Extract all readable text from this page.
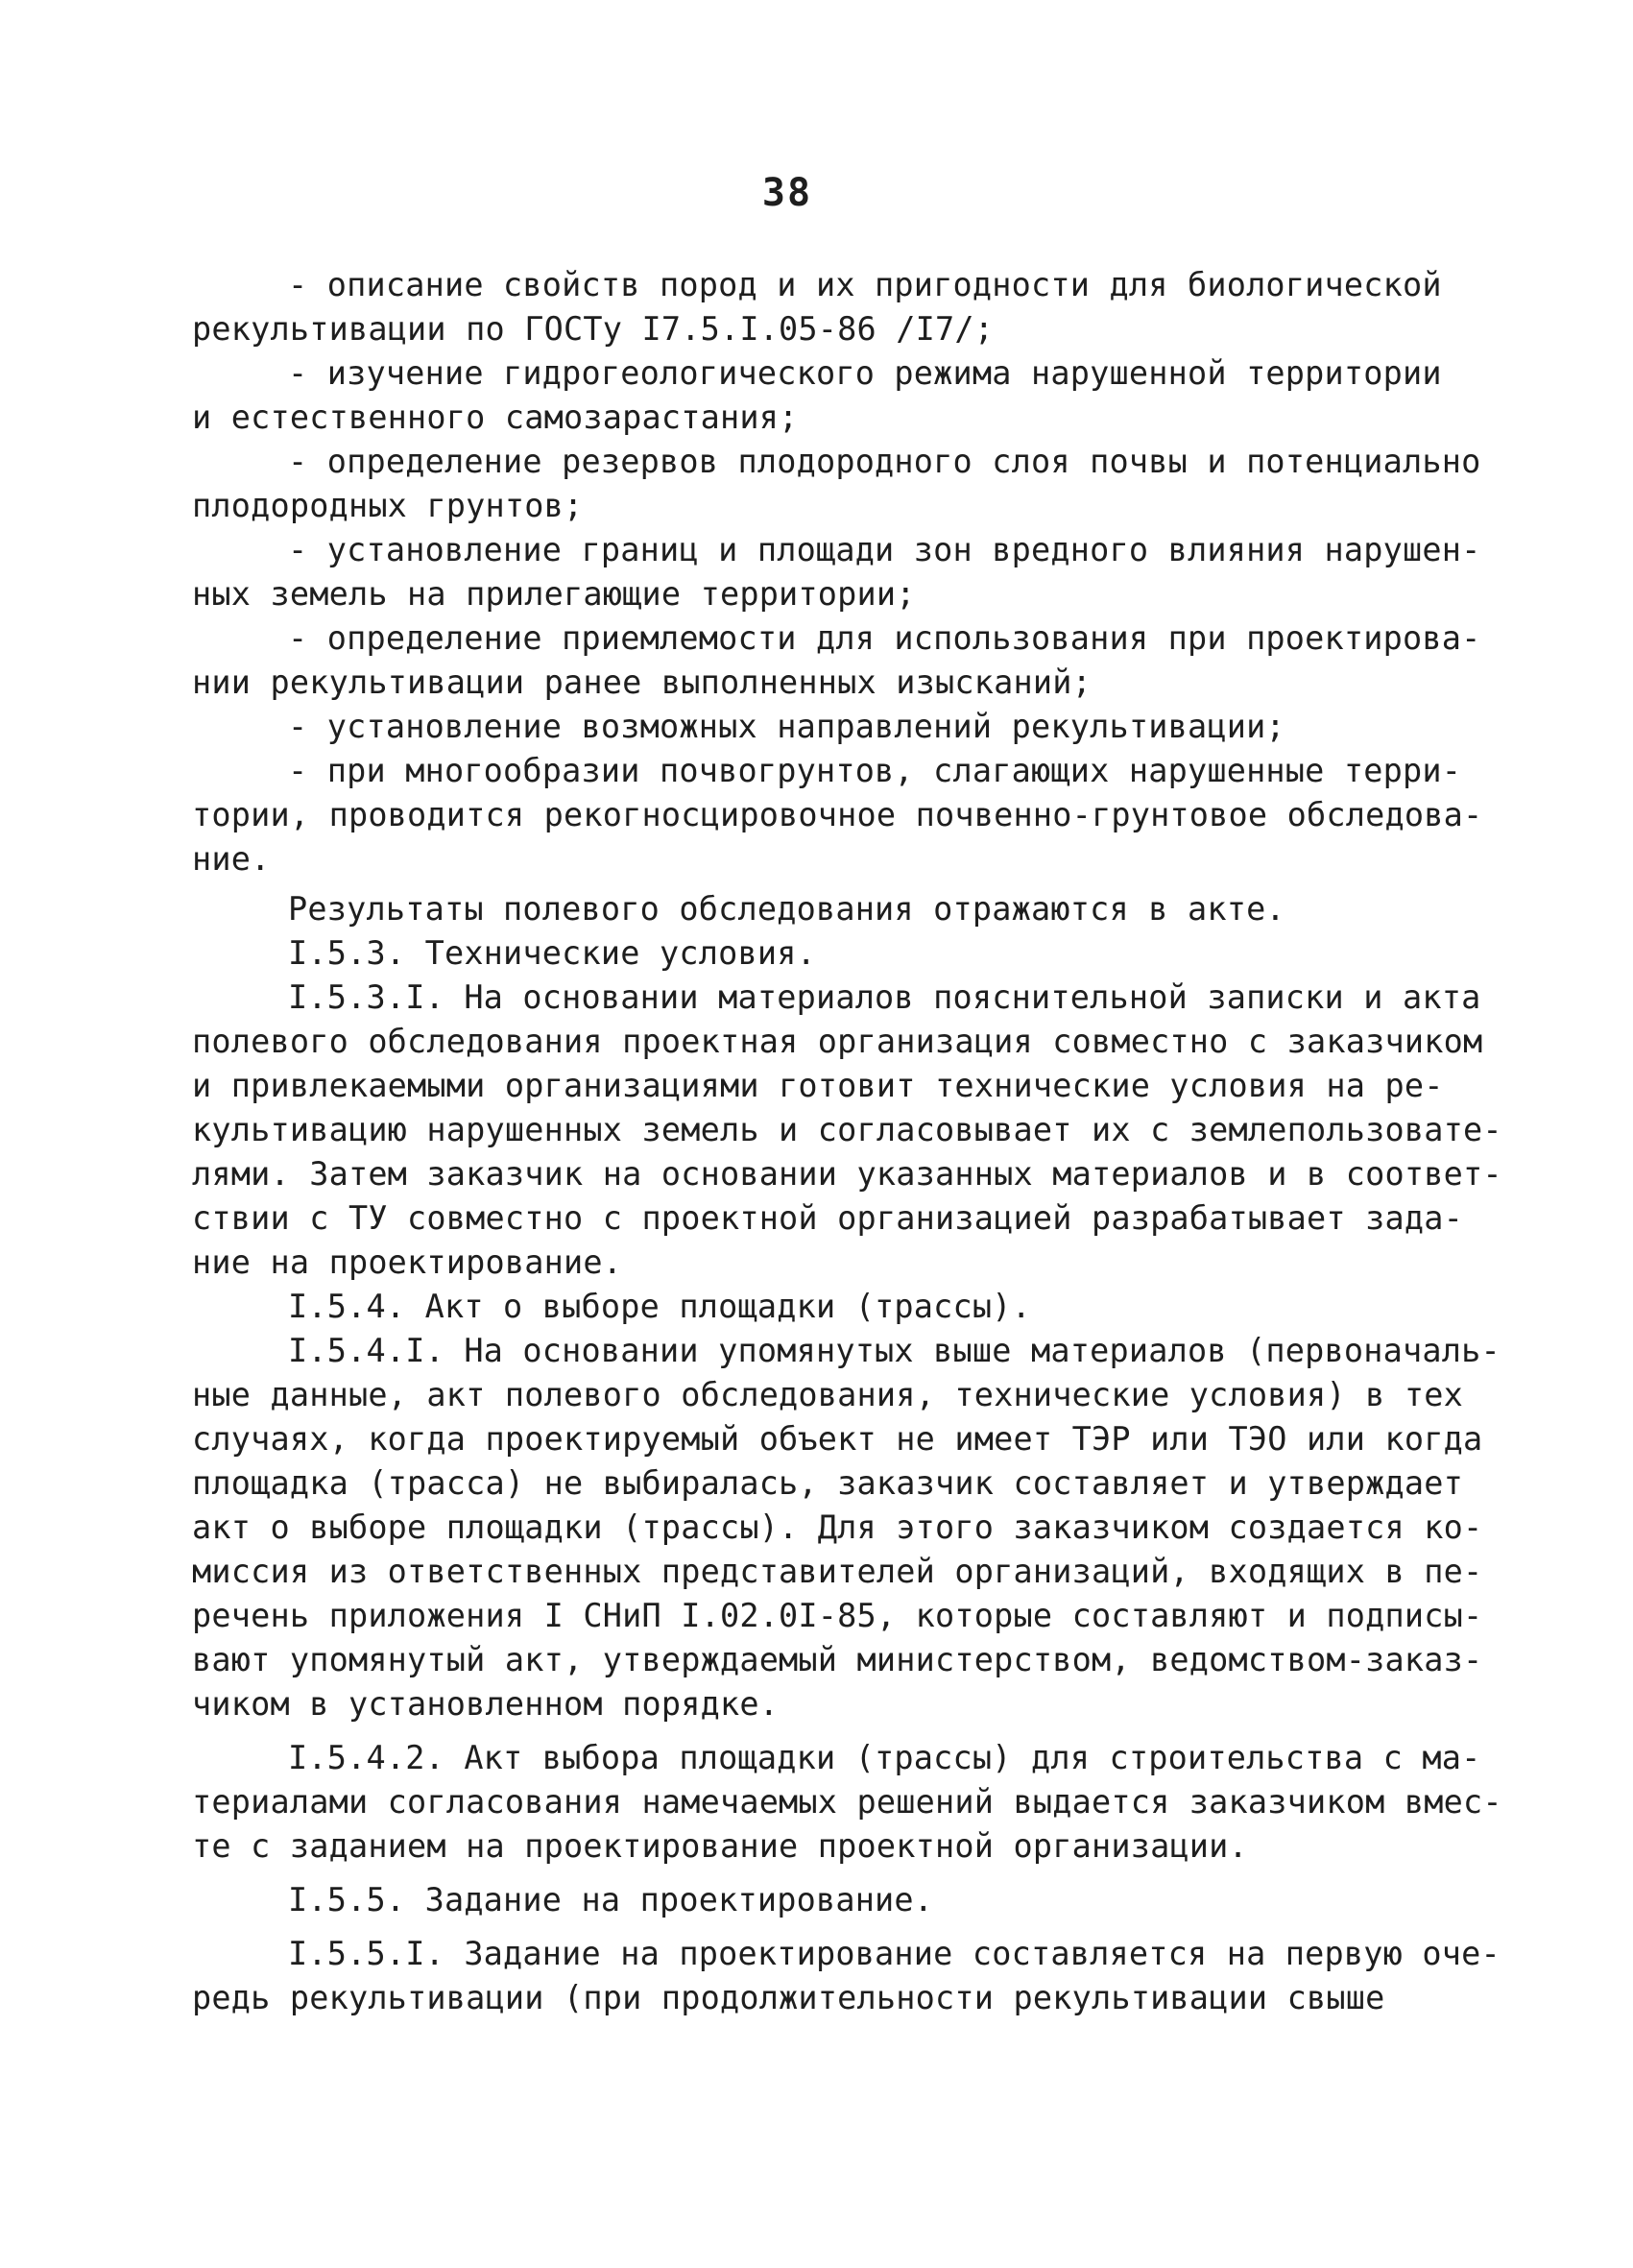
38
- описание свойств пород и их пригодности для биологической
рекультивации по ГОСТу I7.5.I.05-86 /I7/;
- изучение гидрогеологического режима нарушенной территории
и естественного самозарастания;
- определение резервов плодородного слоя почвы и потенциально
плодородных грунтов;
- установление границ и площади зон вредного влияния нарушен-
ных земель на прилегающие территории;
- определение приемлемости для использования при проектирова-
нии рекультивации ранее выполненных изысканий;
- установление возможных направлений рекультивации;
- при многообразии почвогрунтов, слагающих нарушенные терри-
тории, проводится рекогносцировочное почвенно-грунтовое обследова-
ние.
Результаты полевого обследования отражаются в акте.
I.5.3. Технические условия.
I.5.3.I. На основании материалов пояснительной записки и акта
полевого обследования проектная организация совместно с заказчиком
и привлекаемыми организациями готовит технические условия на ре-
культивацию нарушенных земель и согласовывает их с землепользовате-
лями. Затем заказчик на основании указанных материалов и в соответ-
ствии с ТУ совместно с проектной организацией разрабатывает зада-
ние на проектирование.
I.5.4. Акт о выборе площадки (трассы).
I.5.4.I. На основании упомянутых выше материалов (первоначаль-
ные данные, акт полевого обследования, технические условия) в тех
случаях, когда проектируемый объект не имеет ТЭР или ТЭО или когда
площадка (трасса) не выбиралась, заказчик составляет и утверждает
акт о выборе площадки (трассы). Для этого заказчиком создается ко-
миссия из ответственных представителей организаций, входящих в пе-
речень приложения I СНиП I.02.0I-85, которые составляют и подписы-
вают упомянутый акт, утверждаемый министерством, ведомством-заказ-
чиком в установленном порядке.
I.5.4.2. Акт выбора площадки (трассы) для строительства с ма-
териалами согласования намечаемых решений выдается заказчиком вмес-
те с заданием на проектирование проектной организации.
I.5.5. Задание на проектирование.
I.5.5.I. Задание на проектирование составляется на первую оче-
редь рекультивации (при продолжительности рекультивации свыше
